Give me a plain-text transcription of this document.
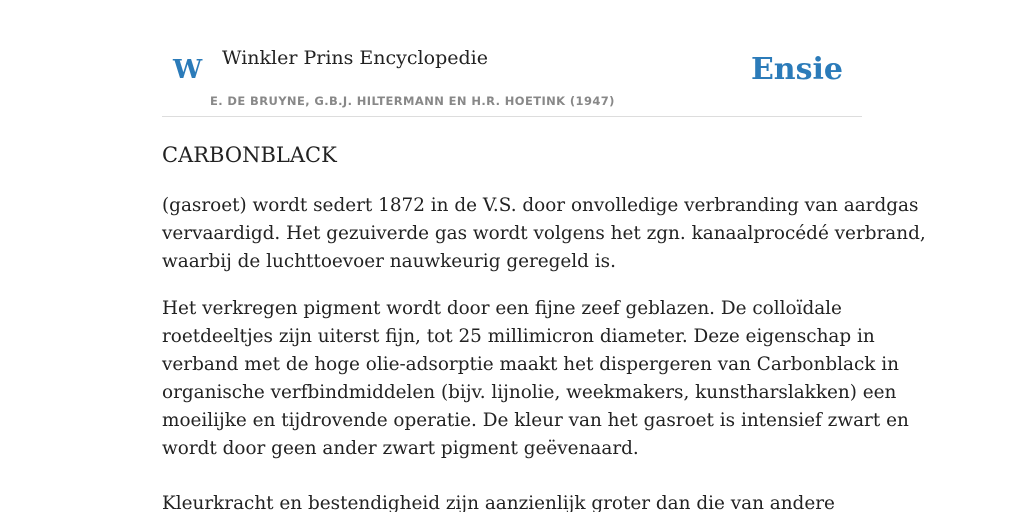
W Winkler Prins Encyclopedie
E. DE BRUYNE, G.B.J. HILTERMANN EN H.R. HOETINK (1947)
Ensie
CARBONBLACK

(gasroet) wordt sedert 1872 in de V.S. door onvolledige verbranding van aardgas
vervaardigd. Het gezuiverde gas wordt volgens het zgn. kanaalprocédé verbrand,
waarbij de luchttoevoer nauwkeurig geregeld is.

Het verkregen pigment wordt door een fijne zeef geblazen. De colloïdale
roetdeeltjes zijn uiterst fijn, tot 25 millimicron diameter. Deze eigenschap in
verband met de hoge olie-adsorptie maakt het dispergeren van Carbonblack in
organische verfbindmiddelen (bijv. lijnolie, weekmakers, kunstharslakken) een
moeilijke en tijdrovende operatie. De kleur van het gasroet is intensief zwart en
wordt door geen ander zwart pigment geëvenaard.

Kleurkracht en bestendigheid zijn aanzienlijk groter dan die van andere
